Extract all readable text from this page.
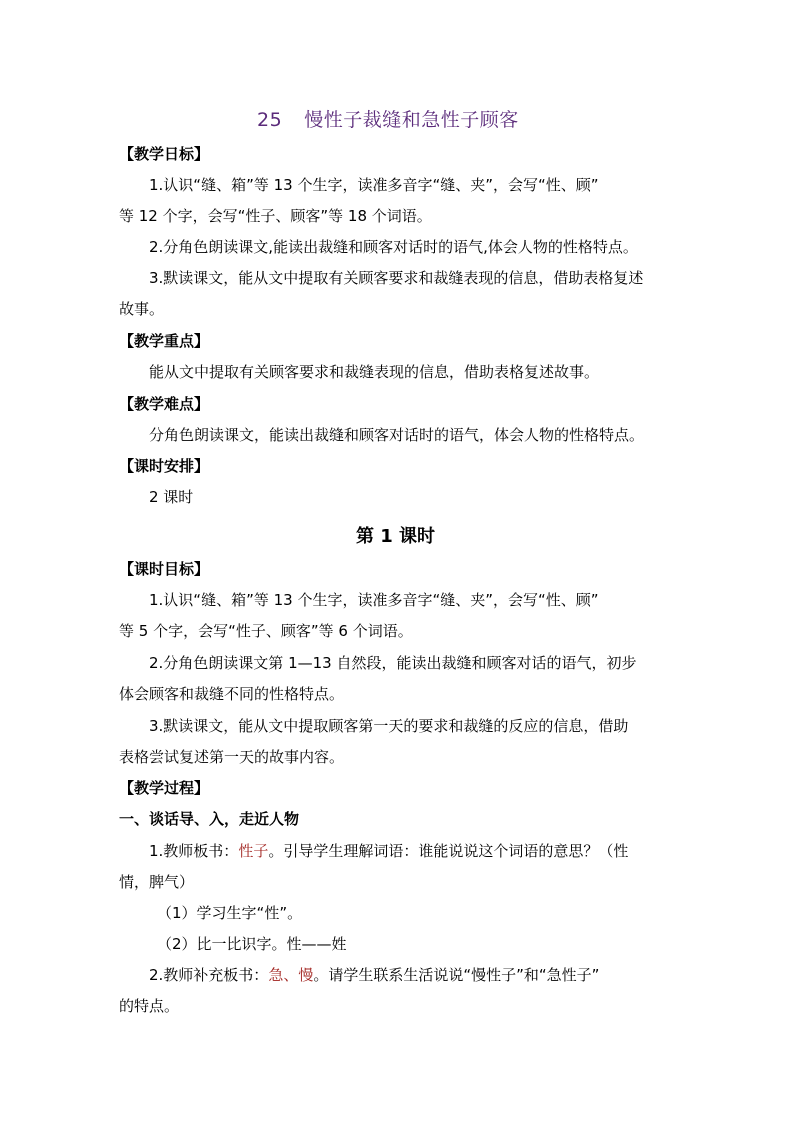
25 慢性子裁缝和急性子顾客
【教学日标】
1.认识“缝、箱”等 13 个生字，读准多音字“缝、夹”，会写“性、顾”
等 12 个字，会写“性子、顾客”等 18 个词语。
2.分角色朗读课文,能读出裁缝和顾客对话时的语气,体会人物的性格特点。
3.默读课文，能从文中提取有关顾客要求和裁缝表现的信息，借助表格复述
故事。
【教学重点】
能从文中提取有关顾客要求和裁缝表现的信息，借助表格复述故事。
【教学难点】
分角色朗读课文，能读出裁缝和顾客对话时的语气，体会人物的性格特点。
【课时安排】
2 课时
第 1 课时
【课时目标】
1.认识“缝、箱”等 13 个生字，读准多音字“缝、夹”，会写“性、顾”
等 5 个字，会写“性子、顾客”等 6 个词语。
2.分角色朗读课文第 1—13 自然段，能读出裁缝和顾客对话的语气，初步
体会顾客和裁缝不同的性格特点。
3.默读课文，能从文中提取顾客第一天的要求和裁缝的反应的信息，借助
表格尝试复述第一天的故事内容。
【教学过程】
一、谈话导、入，走近人物
1.教师板书：性子。引导学生理解词语：谁能说说这个词语的意思？（性
情，脾气）
（1）学习生字“性”。
（2）比一比识字。性——姓
2.教师补充板书：急、慢。请学生联系生活说说“慢性子”和“急性子”
的特点。
